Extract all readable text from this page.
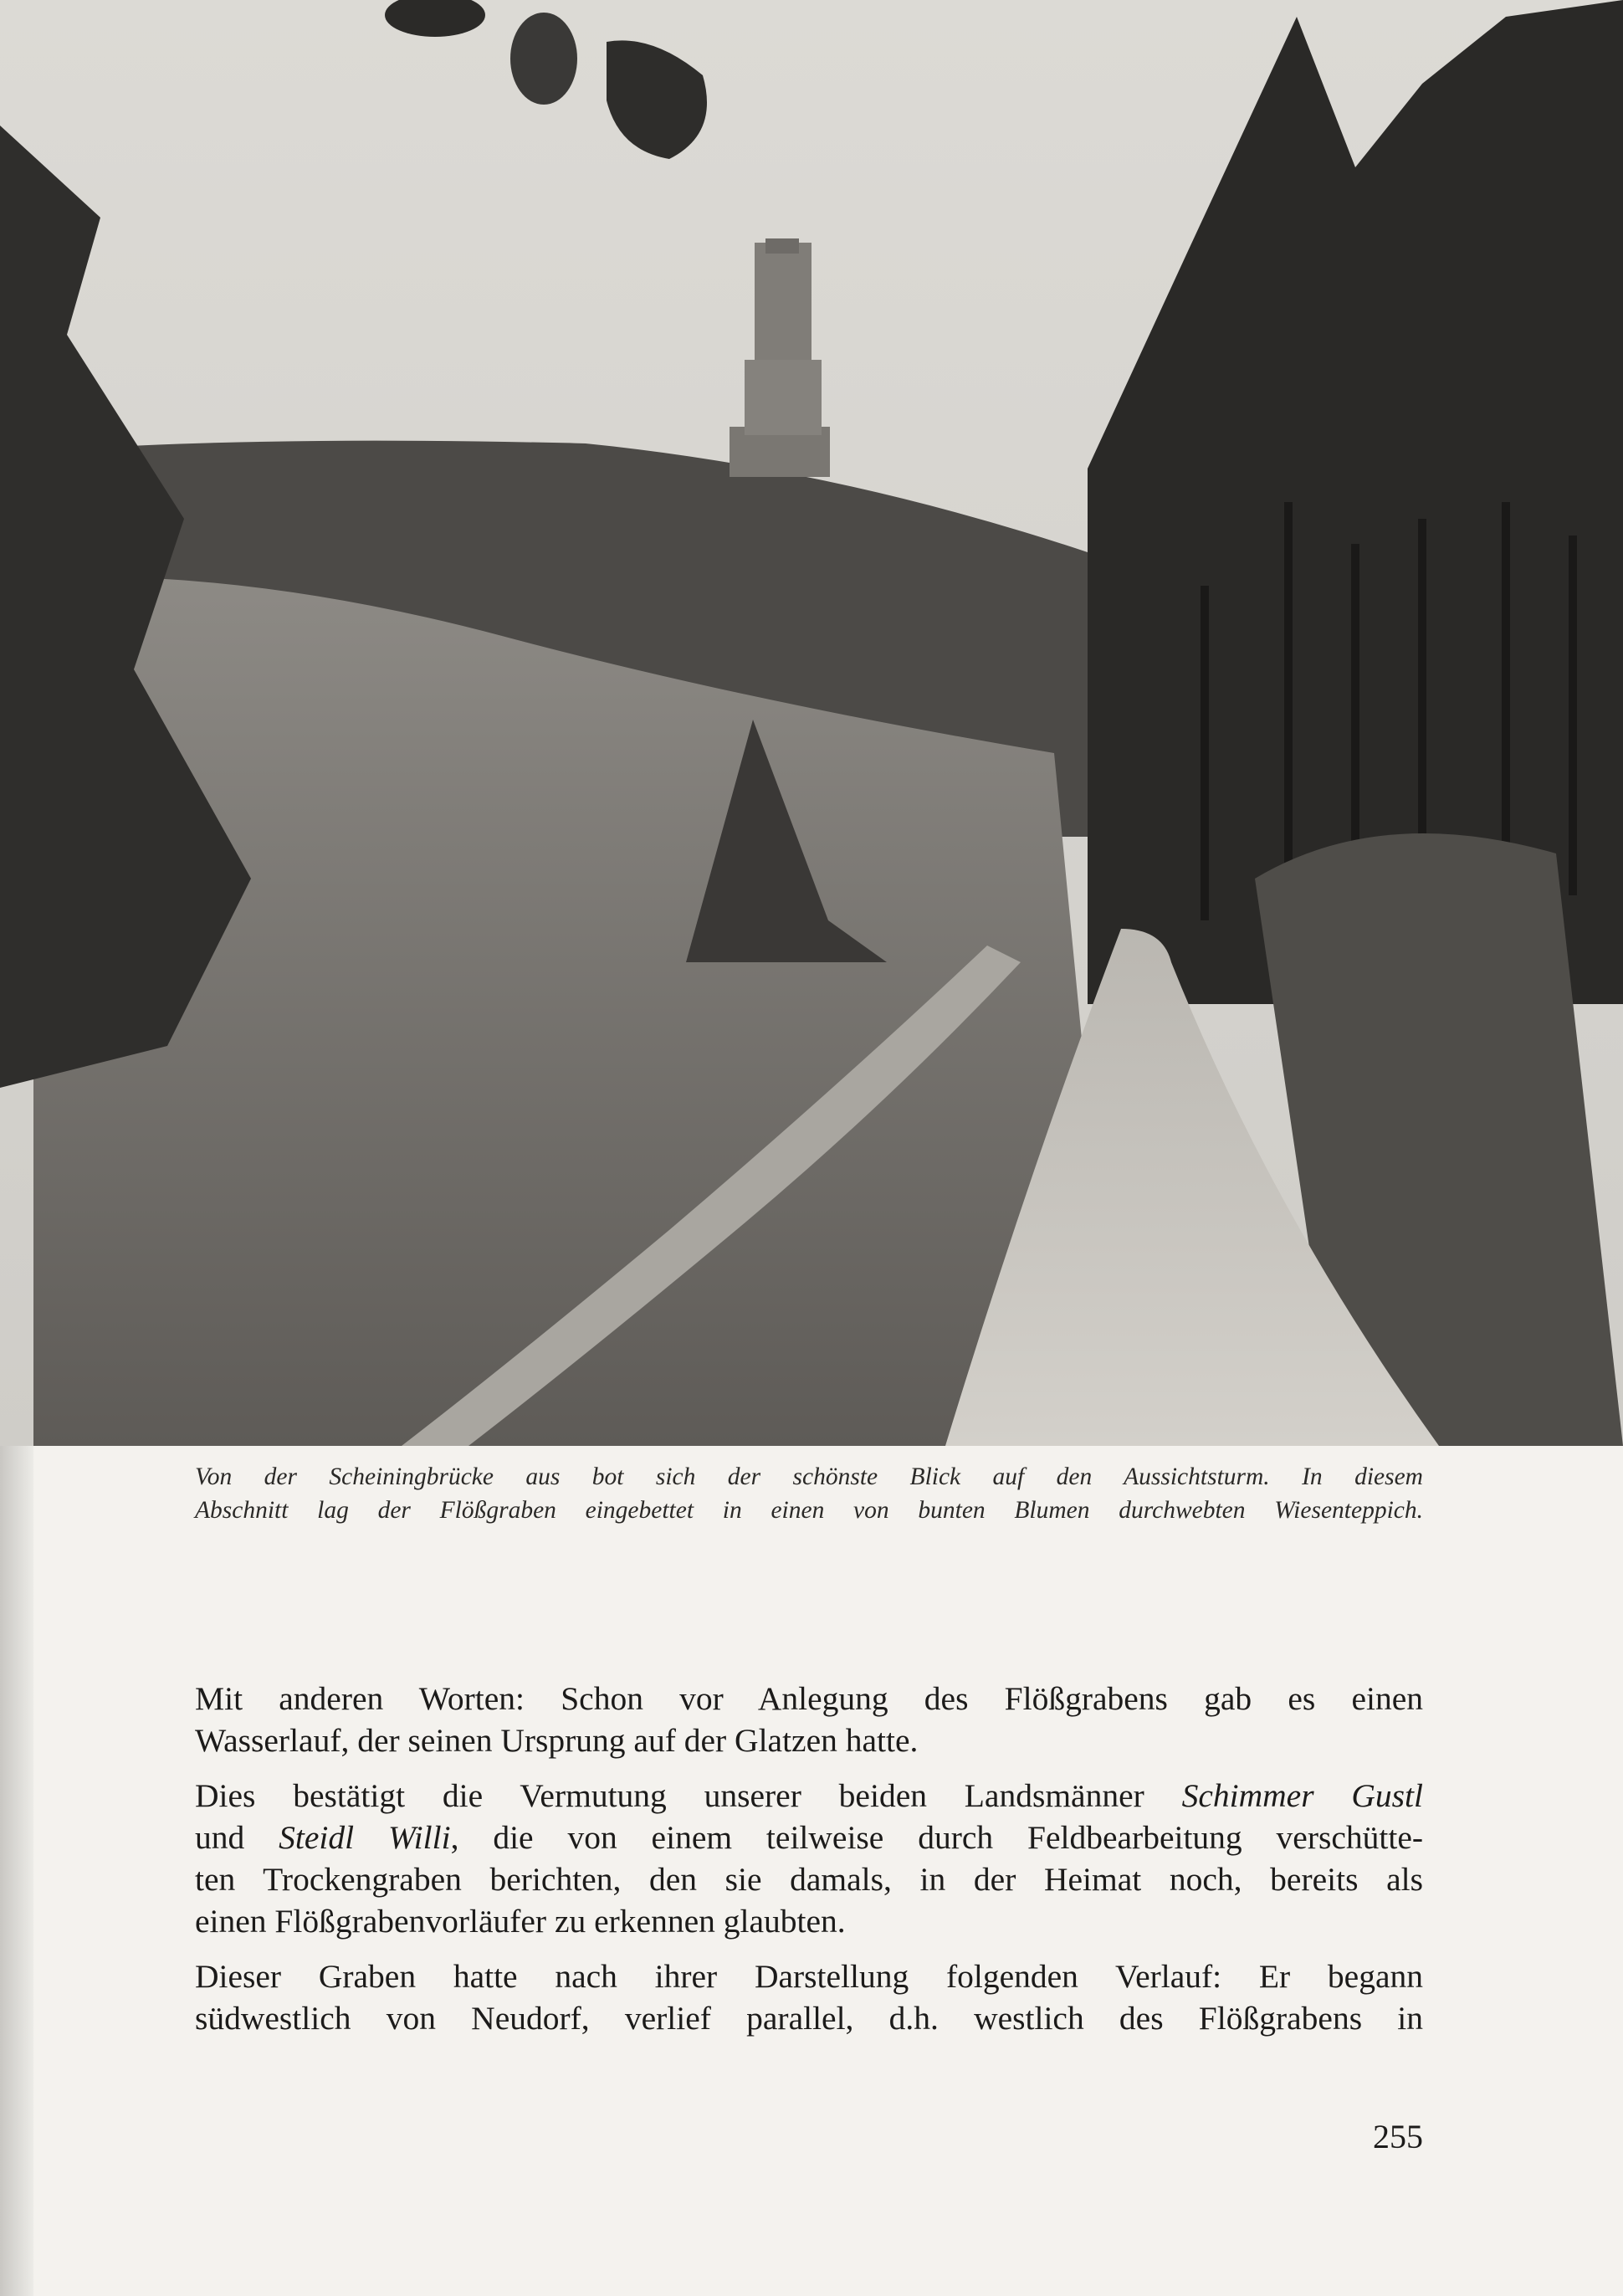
Von der Scheiningbrücke aus bot sich der schönste Blick auf den Aussichtsturm. In diesem
Abschnitt lag der Flößgraben eingebettet in einen von bunten Blumen durchwebten Wiesenteppich.

Mit anderen Worten: Schon vor Anlegung des Flößgrabens gab es einen
Wasserlauf, der seinen Ursprung auf der Glatzen hatte.

Dies bestätigt die Vermutung unserer beiden Landsmänner Schimmer Gustl
und Steidl Willi, die von einem teilweise durch Feldbearbeitung verschütte-
ten Trockengraben berichten, den sie damals, in der Heimat noch, bereits als
einen Flößgrabenvorläufer zu erkennen glaubten.

Dieser Graben hatte nach ihrer Darstellung folgenden Verlauf: Er begann
südwestlich von Neudorf, verlief parallel, d.h. westlich des Flößgrabens in

255
